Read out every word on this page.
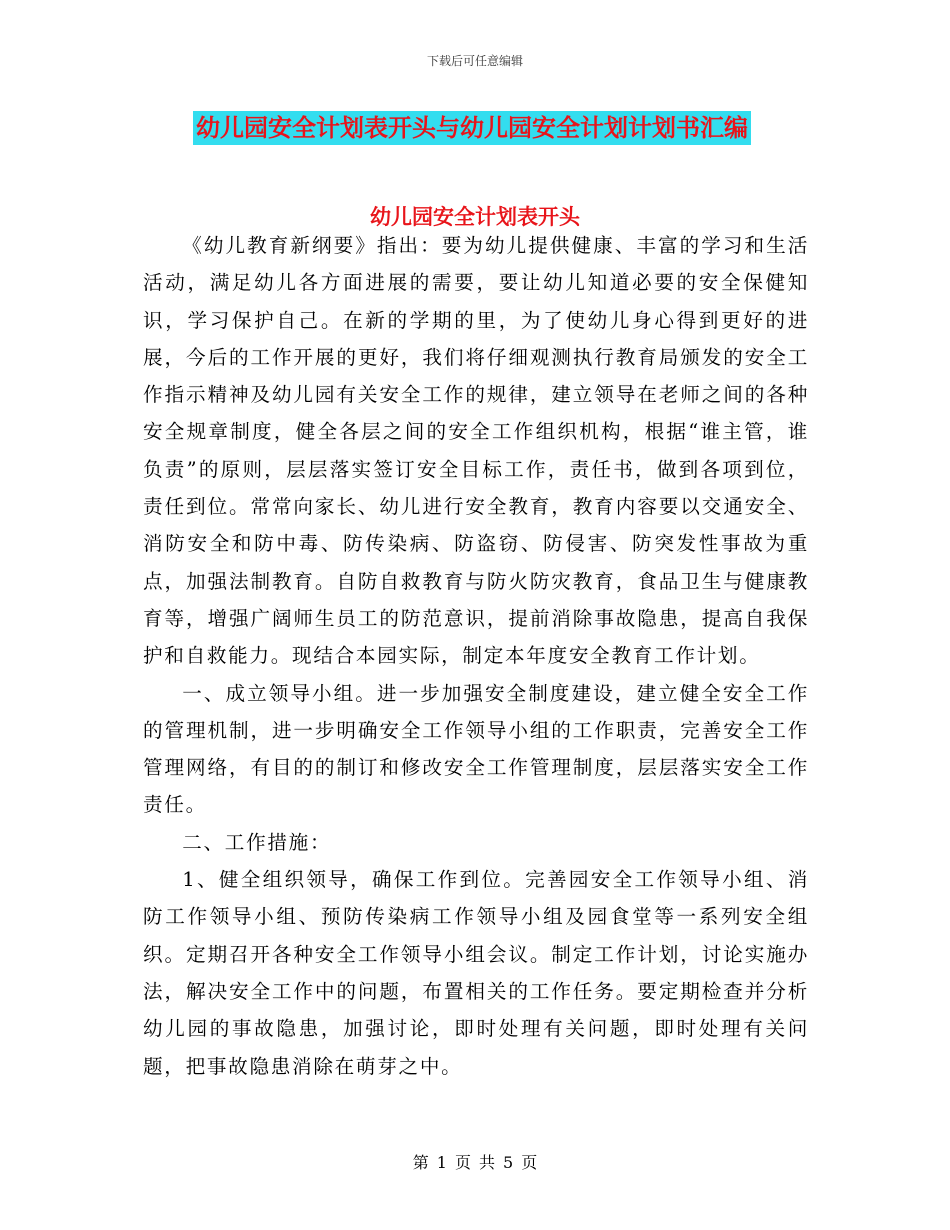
下载后可任意编辑
幼儿园安全计划表开头与幼儿园安全计划计划书汇编
幼儿园安全计划表开头

《幼儿教育新纲要》指出：要为幼儿提供健康、丰富的学习和生活活动，满足幼儿各方面进展的需要，要让幼儿知道必要的安全保健知识，学习保护自己。在新的学期的里，为了使幼儿身心得到更好的进展，今后的工作开展的更好，我们将仔细观测执行教育局颁发的安全工作指示精神及幼儿园有关安全工作的规律，建立领导在老师之间的各种安全规章制度，健全各层之间的安全工作组织机构，根据“谁主管，谁负责”的原则，层层落实签订安全目标工作，责任书，做到各项到位，责任到位。常常向家长、幼儿进行安全教育，教育内容要以交通安全、消防安全和防中毒、防传染病、防盗窃、防侵害、防突发性事故为重点，加强法制教育。自防自救教育与防火防灾教育，食品卫生与健康教育等，增强广阔师生员工的防范意识，提前消除事故隐患，提高自我保护和自救能力。现结合本园实际，制定本年度安全教育工作计划。

一、成立领导小组。进一步加强安全制度建设，建立健全安全工作的管理机制，进一步明确安全工作领导小组的工作职责，完善安全工作管理网络，有目的的制订和修改安全工作管理制度，层层落实安全工作责任。

二、工作措施：

1、健全组织领导，确保工作到位。完善园安全工作领导小组、消防工作领导小组、预防传染病工作领导小组及园食堂等一系列安全组织。定期召开各种安全工作领导小组会议。制定工作计划，讨论实施办法，解决安全工作中的问题，布置相关的工作任务。要定期检查并分析幼儿园的事故隐患，加强讨论，即时处理有关问题，即时处理有关问题，把事故隐患消除在萌芽之中。

第 1 页 共 5 页
